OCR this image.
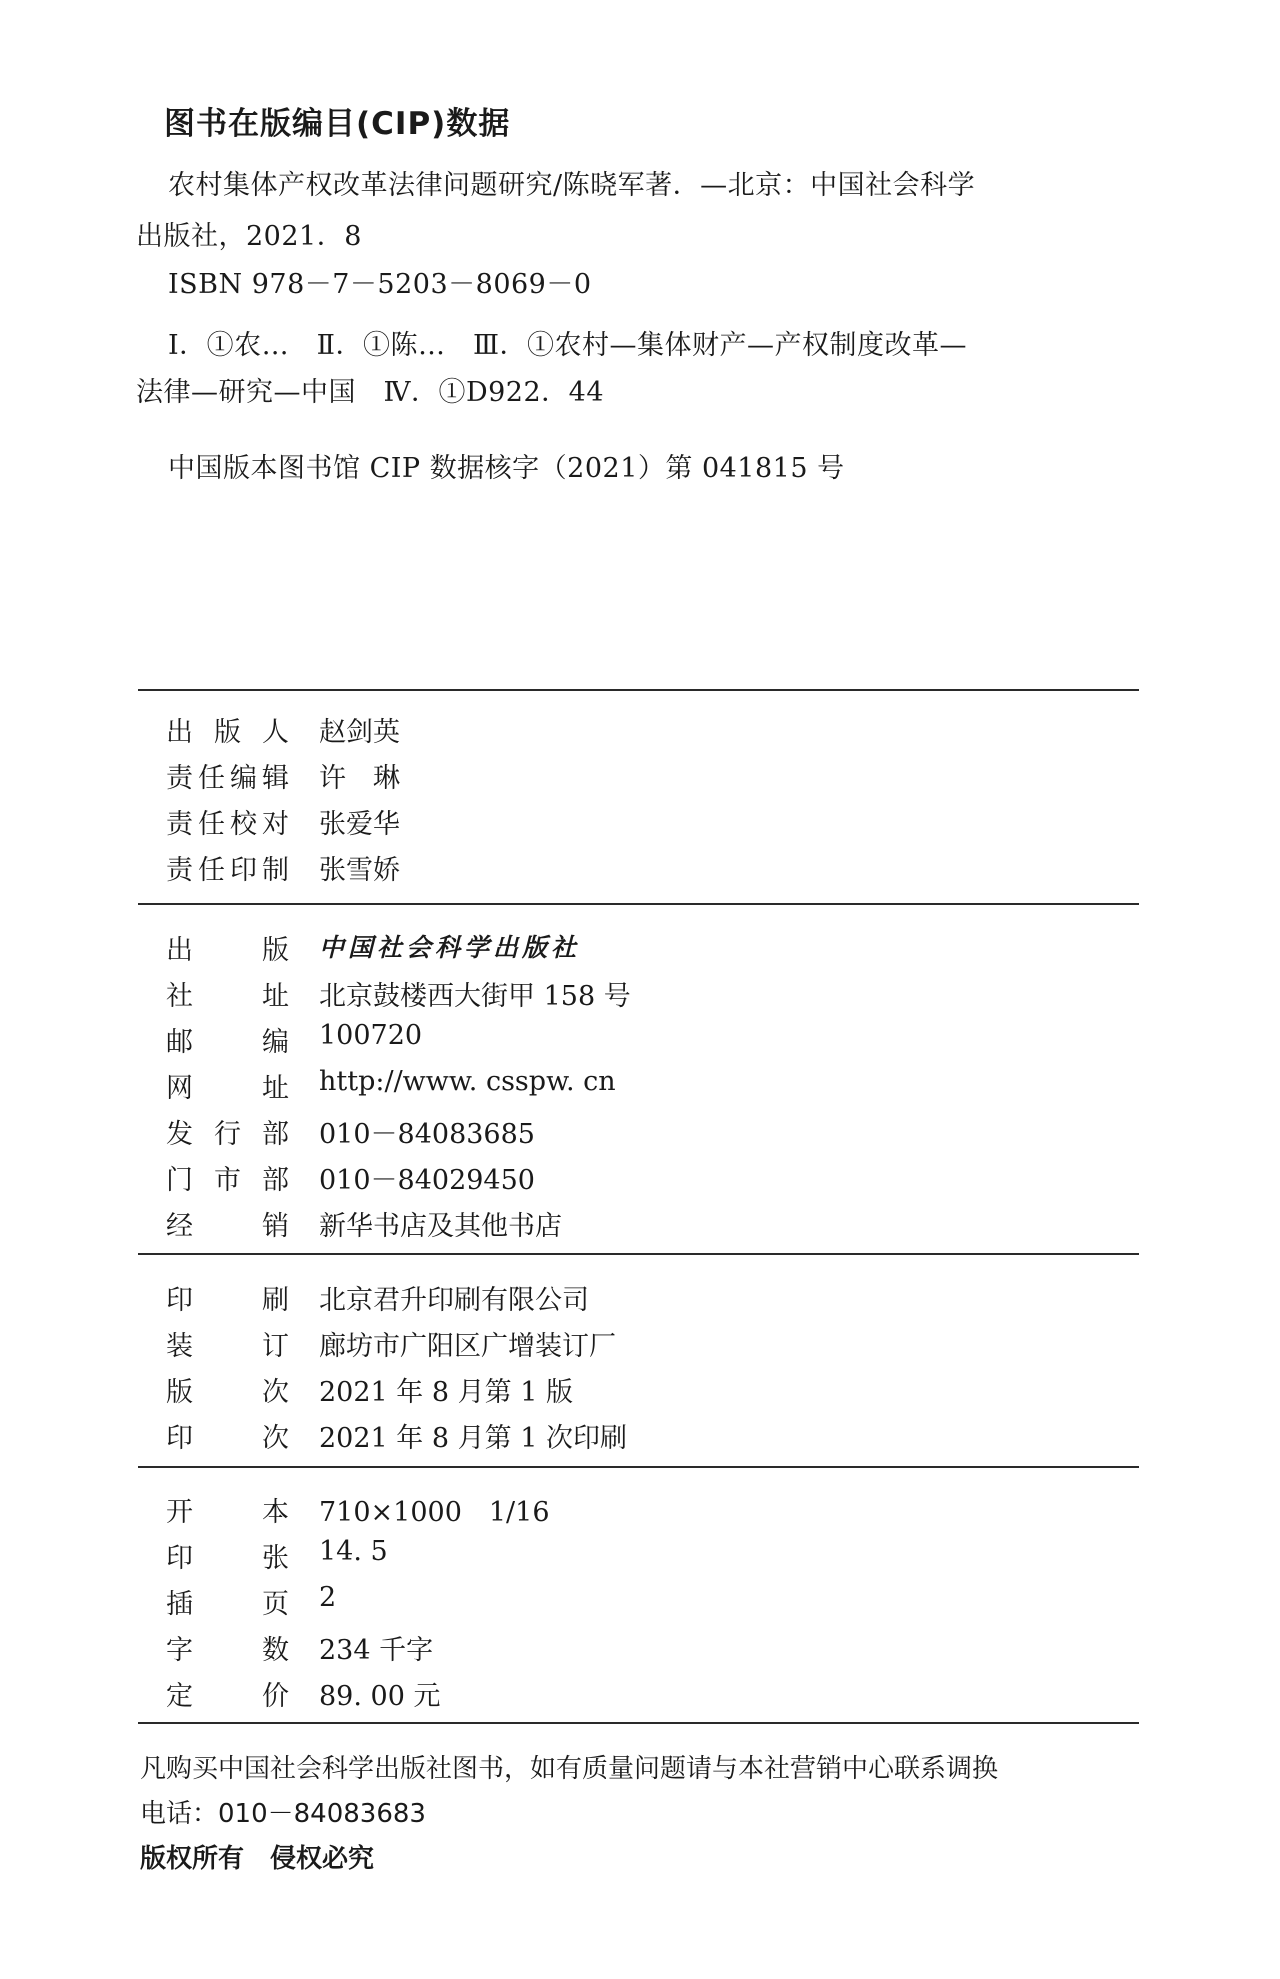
图书在版编目(CIP)数据
农村集体产权改革法律问题研究/陈晓军著．—北京：中国社会科学
出版社，2021．8
ISBN 978－7－5203－8069－0
Ⅰ．①农…　Ⅱ．①陈…　Ⅲ．①农村—集体财产—产权制度改革—
法律—研究—中国　Ⅳ．①D922．44
中国版本图书馆 CIP 数据核字（2021）第 041815 号
出 版 人 赵剑英
责 任 编 辑 许　琳
责 任 校 对 张爱华
责 任 印 制 张雪娇
出	版 中国社会科学出版社
社	址 北京鼓楼西大街甲 158 号
邮	编 100720
网	址 http://www. csspw. cn
发 行 部 010－84083685
门 市 部 010－84029450
经	销 新华书店及其他书店
印	刷 北京君升印刷有限公司
装	订 廊坊市广阳区广增装订厂
版	次 2021 年 8 月第 1 版
印	次 2021 年 8 月第 1 次印刷
开	本 710×1000　1/16
印	张 14. 5
插	页 2
字	数 234 千字
定	价 89. 00 元
凡购买中国社会科学出版社图书，如有质量问题请与本社营销中心联系调换
电话：010－84083683
版权所有　侵权必究
